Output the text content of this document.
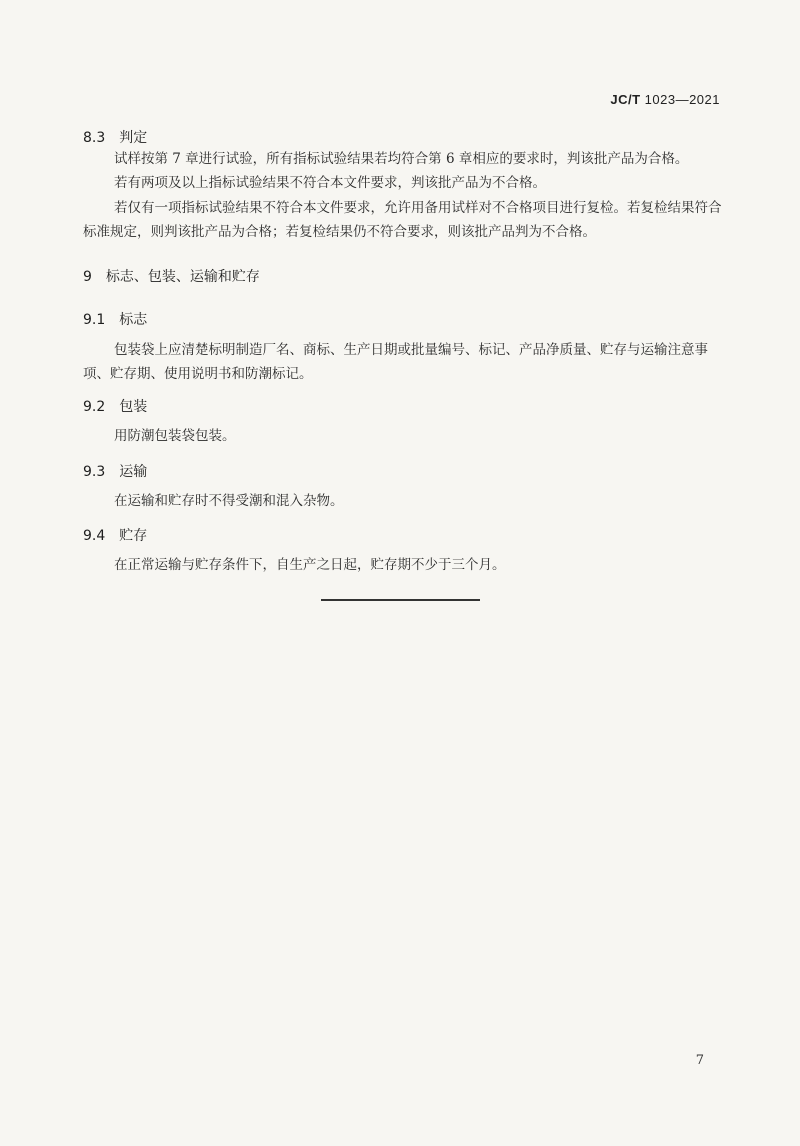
JC/T 1023—2021
8.3 判定

试样按第 7 章进行试验，所有指标试验结果若均符合第 6 章相应的要求时，判该批产品为合格。

若有两项及以上指标试验结果不符合本文件要求，判该批产品为不合格。

若仅有一项指标试验结果不符合本文件要求，允许用备用试样对不合格项目进行复检。若复检结果符合标准规定，则判该批产品为合格；若复检结果仍不符合要求，则该批产品判为不合格。

9 标志、包装、运输和贮存
9.1 标志

包装袋上应清楚标明制造厂名、商标、生产日期或批量编号、标记、产品净质量、贮存与运输注意事项、贮存期、使用说明书和防潮标记。

9.2 包装

用防潮包装袋包装。

9.3 运输

在运输和贮存时不得受潮和混入杂物。

9.4 贮存

在正常运输与贮存条件下，自生产之日起，贮存期不少于三个月。

7
